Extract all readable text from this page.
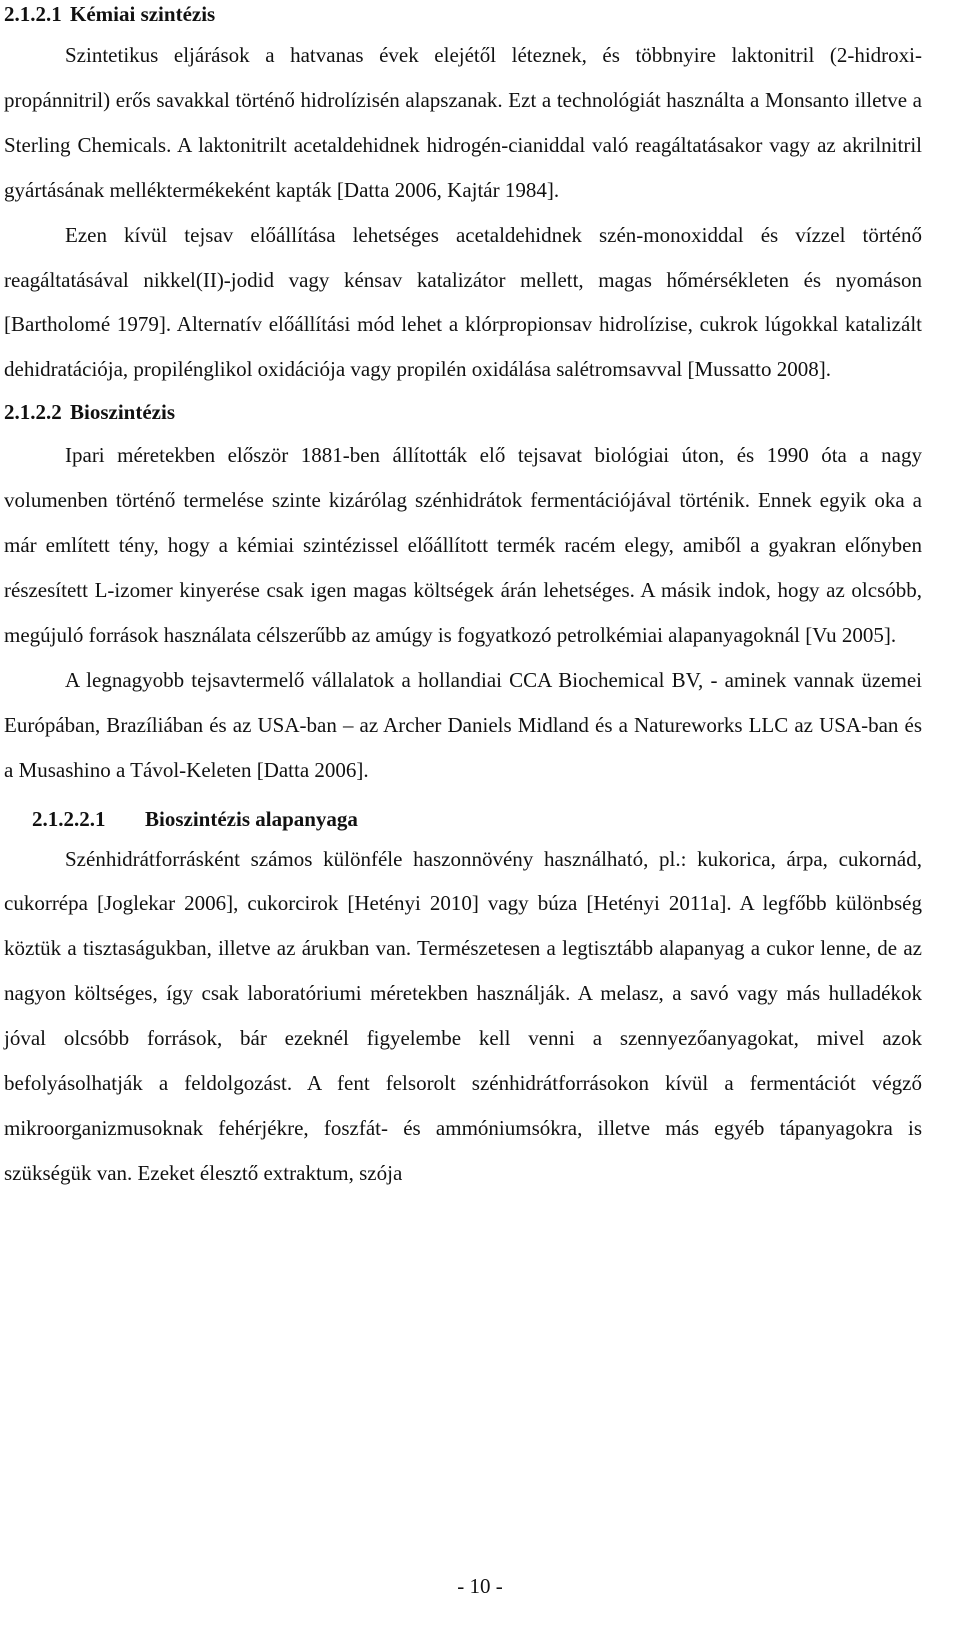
2.1.2.1 Kémiai szintézis

Szintetikus eljárások a hatvanas évek elejétől léteznek, és többnyire laktonitril (2-hidroxi-propánnitril) erős savakkal történő hidrolízisén alapszanak. Ezt a technológiát használta a Monsanto illetve a Sterling Chemicals. A laktonitrilt acetaldehidnek hidrogén-cianiddal való reagáltatásakor vagy az akrilnitril gyártásának melléktermékeként kapták [Datta 2006, Kajtár 1984].

Ezen kívül tejsav előállítása lehetséges acetaldehidnek szén-monoxiddal és vízzel történő reagáltatásával nikkel(II)-jodid vagy kénsav katalizátor mellett, magas hőmérsékleten és nyomáson [Bartholomé 1979]. Alternatív előállítási mód lehet a klórpropionsav hidrolízise, cukrok lúgokkal katalizált dehidratációja, propilénglikol oxidációja vagy propilén oxidálása salétromsavval [Mussatto 2008].

2.1.2.2 Bioszintézis

Ipari méretekben először 1881-ben állították elő tejsavat biológiai úton, és 1990 óta a nagy volumenben történő termelése szinte kizárólag szénhidrátok fermentációjával történik. Ennek egyik oka a már említett tény, hogy a kémiai szintézissel előállított termék racém elegy, amiből a gyakran előnyben részesített L-izomer kinyerése csak igen magas költségek árán lehetséges. A másik indok, hogy az olcsóbb, megújuló források használata célszerűbb az amúgy is fogyatkozó petrolkémiai alapanyagoknál [Vu 2005].

A legnagyobb tejsavtermelő vállalatok a hollandiai CCA Biochemical BV, - aminek vannak üzemei Európában, Brazíliában és az USA-ban – az Archer Daniels Midland és a Natureworks LLC az USA-ban és a Musashino a Távol-Keleten [Datta 2006].

2.1.2.2.1 Bioszintézis alapanyaga

Szénhidrátforrásként számos különféle haszonnövény használható, pl.: kukorica, árpa, cukornád, cukorrépa [Joglekar 2006], cukorcirok [Hetényi 2010] vagy búza [Hetényi 2011a]. A legfőbb különbség köztük a tisztaságukban, illetve az árukban van. Természetesen a legtisztább alapanyag a cukor lenne, de az nagyon költséges, így csak laboratóriumi méretekben használják. A melasz, a savó vagy más hulladékok jóval olcsóbb források, bár ezeknél figyelembe kell venni a szennyezőanyagokat, mivel azok befolyásolhatják a feldolgozást. A fent felsorolt szénhidrátforrásokon kívül a fermentációt végző mikroorganizmusoknak fehérjékre, foszfát- és ammóniumsókra, illetve más egyéb tápanyagokra is szükségük van. Ezeket élesztő extraktum, szója

- 10 -
